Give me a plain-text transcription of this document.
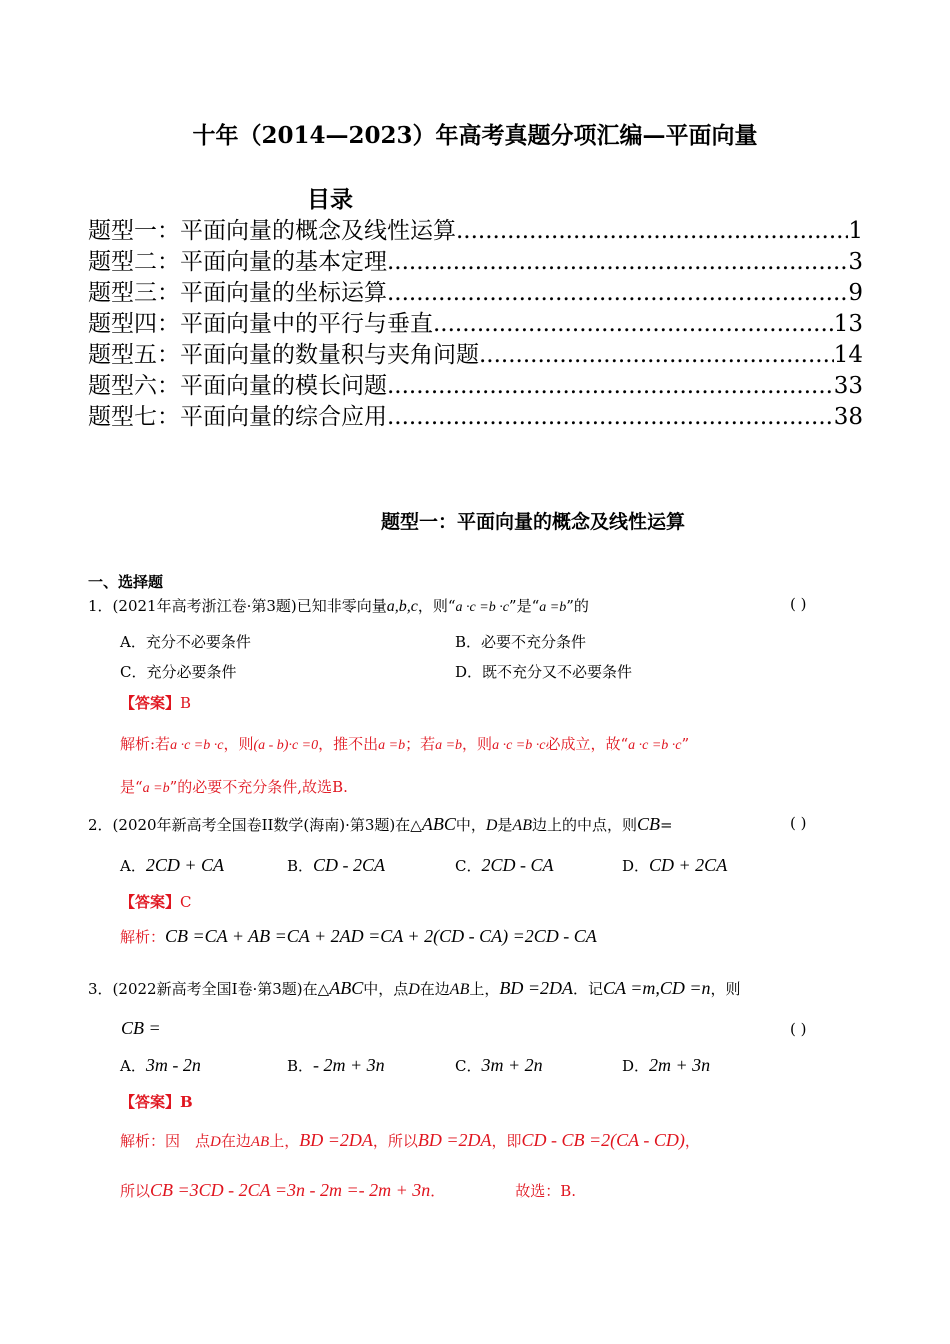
十年（2014—2023）年高考真题分项汇编—平面向量
目录
题型一：平面向量的概念及线性运算 .....	1
题型二：平面向量的基本定理 .....	3
题型三：平面向量的坐标运算 .....	9
题型四：平面向量中的平行与垂直 .....	13
题型五：平面向量的数量积与夹角问题 .....	14
题型六：平面向量的模长问题 .....	33
题型七：平面向量的综合应用 .....	38
题型一：平面向量的概念及线性运算
一、选择题
1．(2021年高考浙江卷·第3题)已知非零向量a,b,c，则“a ·c =b ·c”是“a =b”的	( )
A．充分不必要条件	B．必要不充分条件
C．充分必要条件	D．既不充分又不必要条件
【答案】B
解析:若a ·c =b ·c，则(a - b)·c =0，推不出a =b；若a =b，则a ·c =b ·c必成立，故“a ·c =b ·c”
是“a =b”的必要不充分条件,故选B.
2．(2020年新高考全国卷II数学(海南)·第3题)在△ABC中，D是AB边上的中点，则CB=	( )
A．2CD + CA	B．CD - 2CA	C．2CD - CA	D．CD + 2CA
【答案】C
解析：CB =CA + AB =CA + 2AD =CA + 2(CD - CA) =2CD - CA
3．(2022新高考全国I卷·第3题)在△ABC中，点D在边AB上，BD =2DA．记CA =m,CD =n，则
CB =	( )
A．3m - 2n	B．- 2m + 3n	C．3m + 2n	D．2m + 3n
【答案】B
解析：因　点D在边AB上，BD =2DA，所以BD =2DA，即CD - CB =2(CA - CD)，
所以CB =3CD - 2CA =3n - 2m =- 2m + 3n．	故选：B.
